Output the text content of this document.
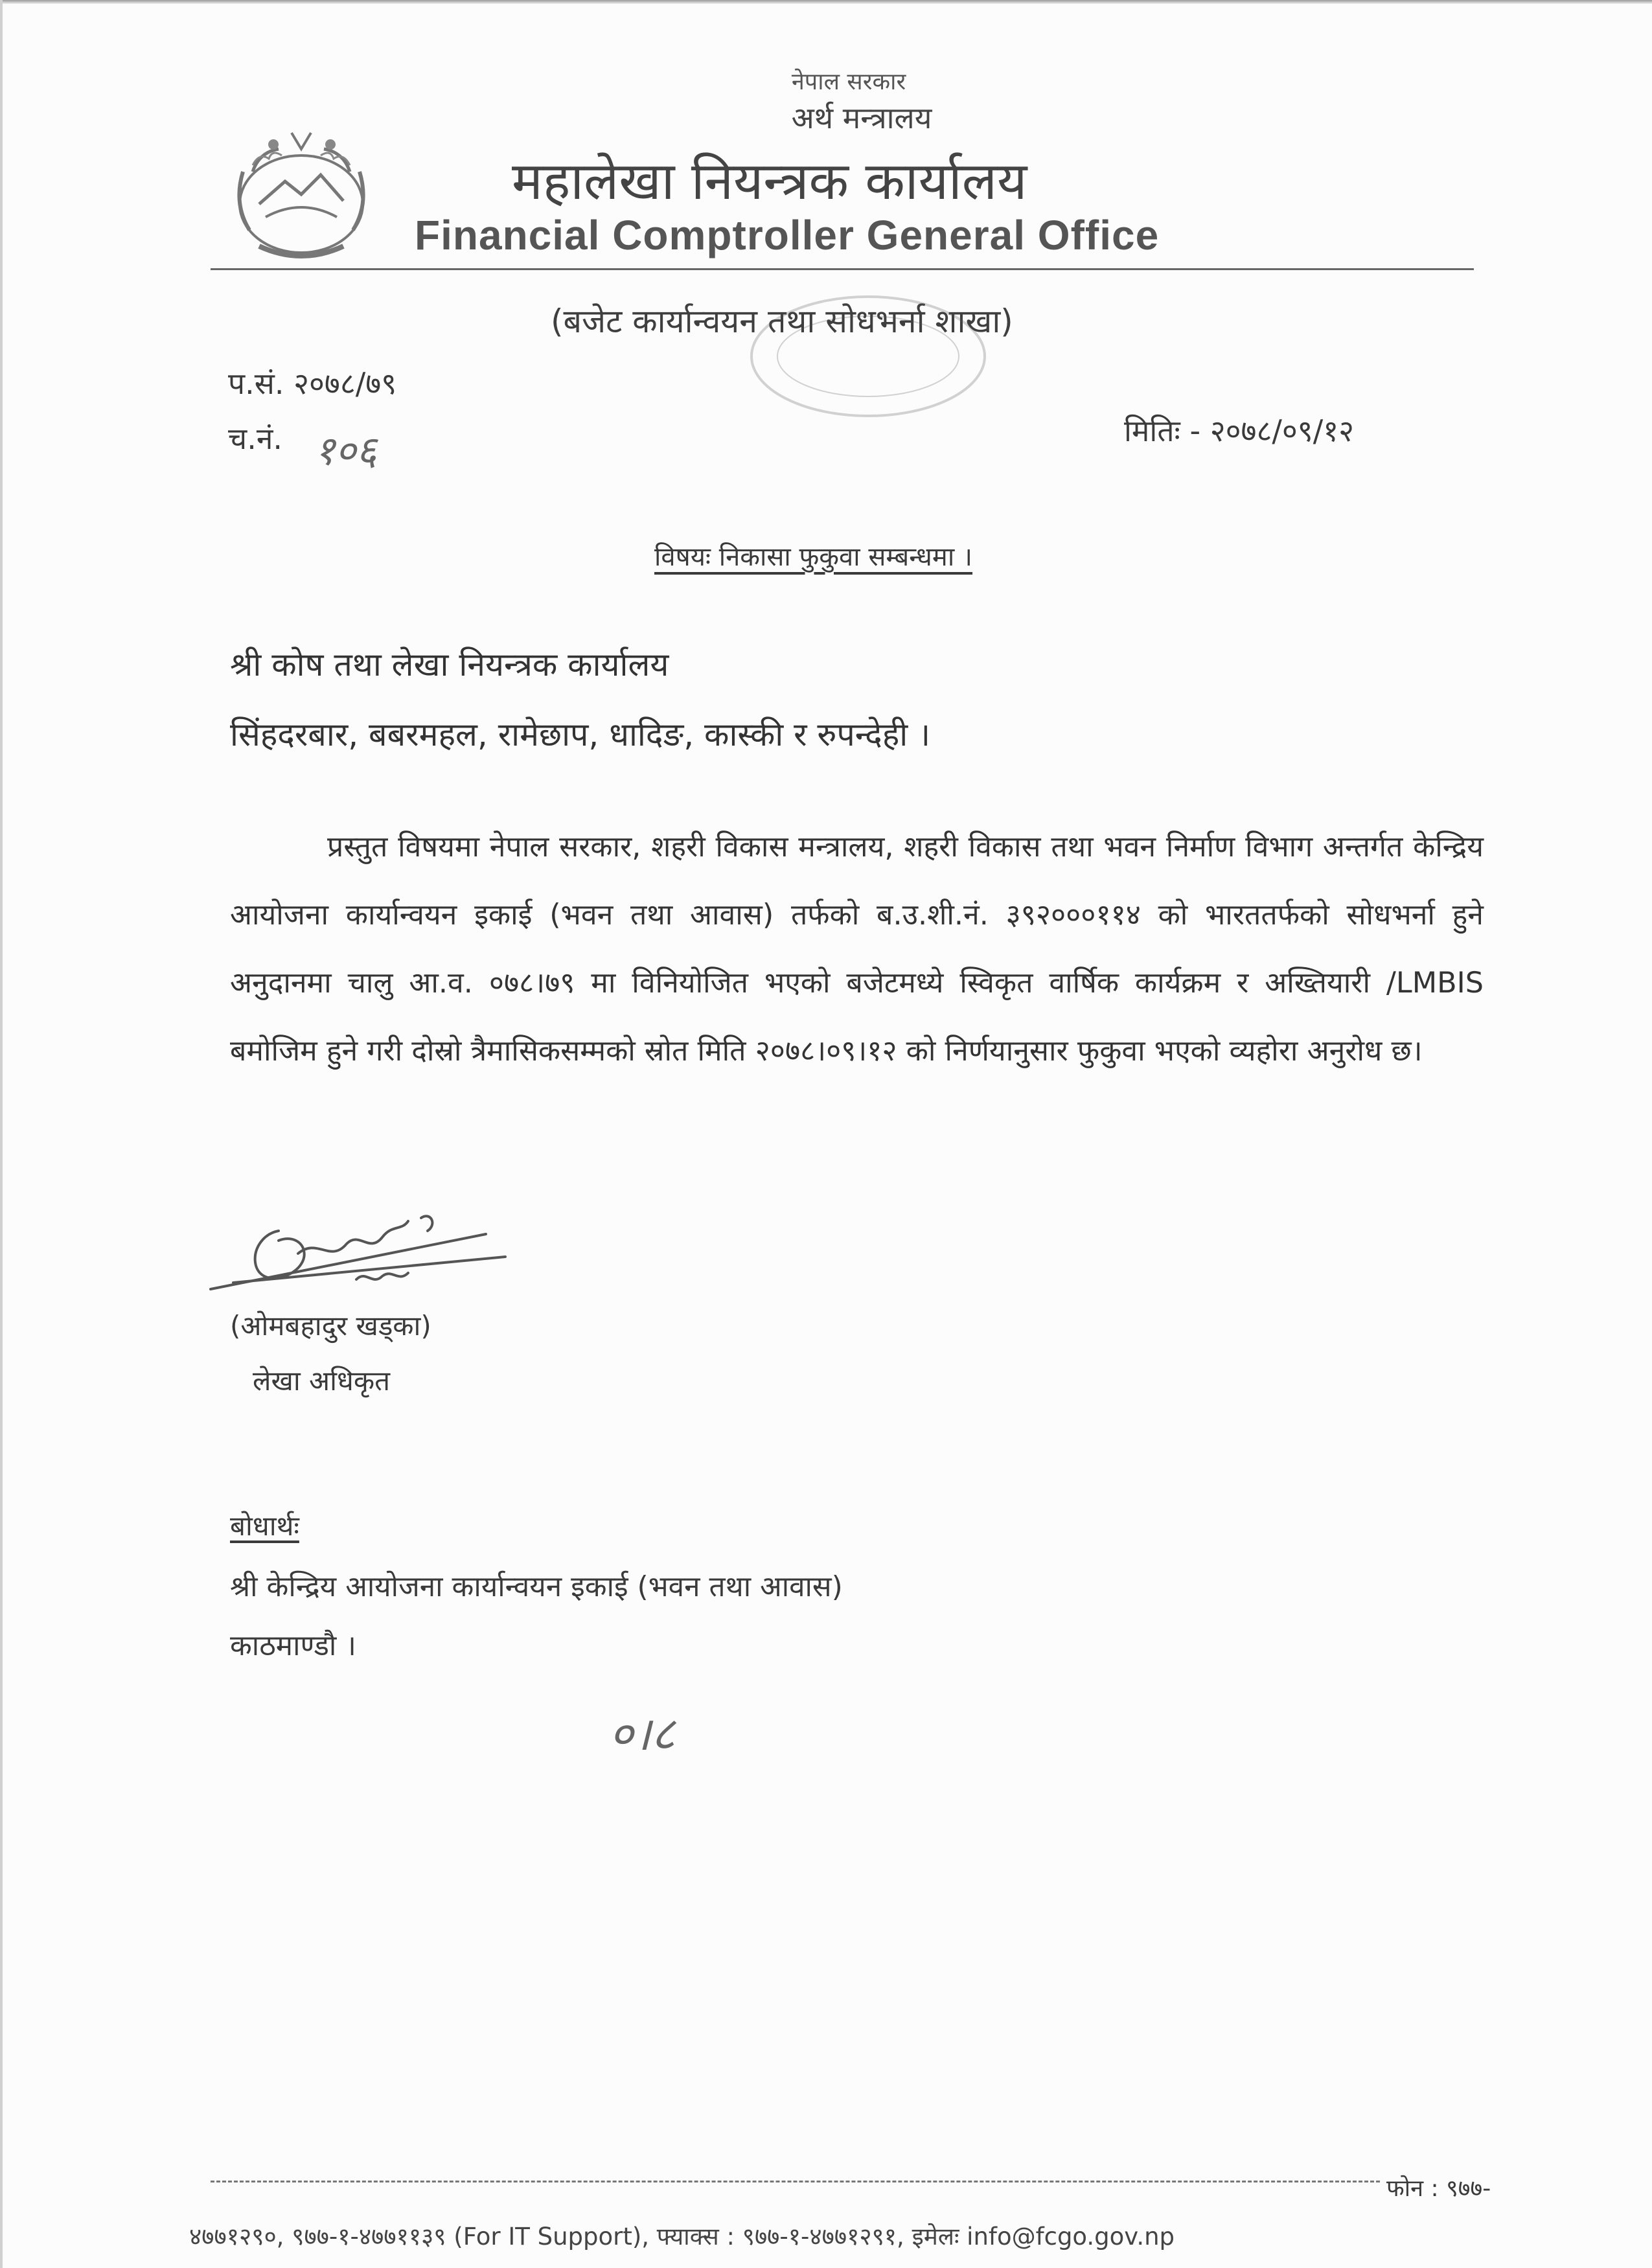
नेपाल सरकार
अर्थ मन्त्रालय
महालेखा नियन्त्रक कार्यालय
Financial Comptroller General Office
(बजेट कार्यान्वयन तथा सोधभर्ना शाखा)
प.सं. २०७८/७९
च.नं. १०६	मितिः - २०७८/०९/१२
विषयः निकासा फुकुवा सम्बन्धमा ।
श्री कोष तथा लेखा नियन्त्रक कार्यालय
सिंहदरबार, बबरमहल, रामेछाप, धादिङ, कास्की र रुपन्देही ।
प्रस्तुत विषयमा नेपाल सरकार, शहरी विकास मन्त्रालय, शहरी विकास तथा भवन निर्माण विभाग अन्तर्गत केन्द्रिय आयोजना कार्यान्वयन इकाई (भवन तथा आवास) तर्फको ब.उ.शी.नं. ३९२०००११४ को भारततर्फको सोधभर्ना हुने अनुदानमा चालु आ.व. ०७८।७९ मा विनियोजित भएको बजेटमध्ये स्विकृत वार्षिक कार्यक्रम र अख्तियारी /LMBIS बमोजिम हुने गरी दोस्रो त्रैमासिकसम्मको स्रोत मिति २०७८।०९।१२ को निर्णयानुसार फुकुवा भएको व्यहोरा अनुरोध छ।
(ओमबहादुर खड्का)
लेखा अधिकृत
बोधार्थः
श्री केन्द्रिय आयोजना कार्यान्वयन इकाई (भवन तथा आवास)
काठमाण्डौ ।
०।८
फोन : ९७७-
४७७१२९०, ९७७-१-४७७११३९ (For IT Support), फ्याक्स : ९७७-१-४७७१२९१, इमेलः info@fcgo.gov.np
